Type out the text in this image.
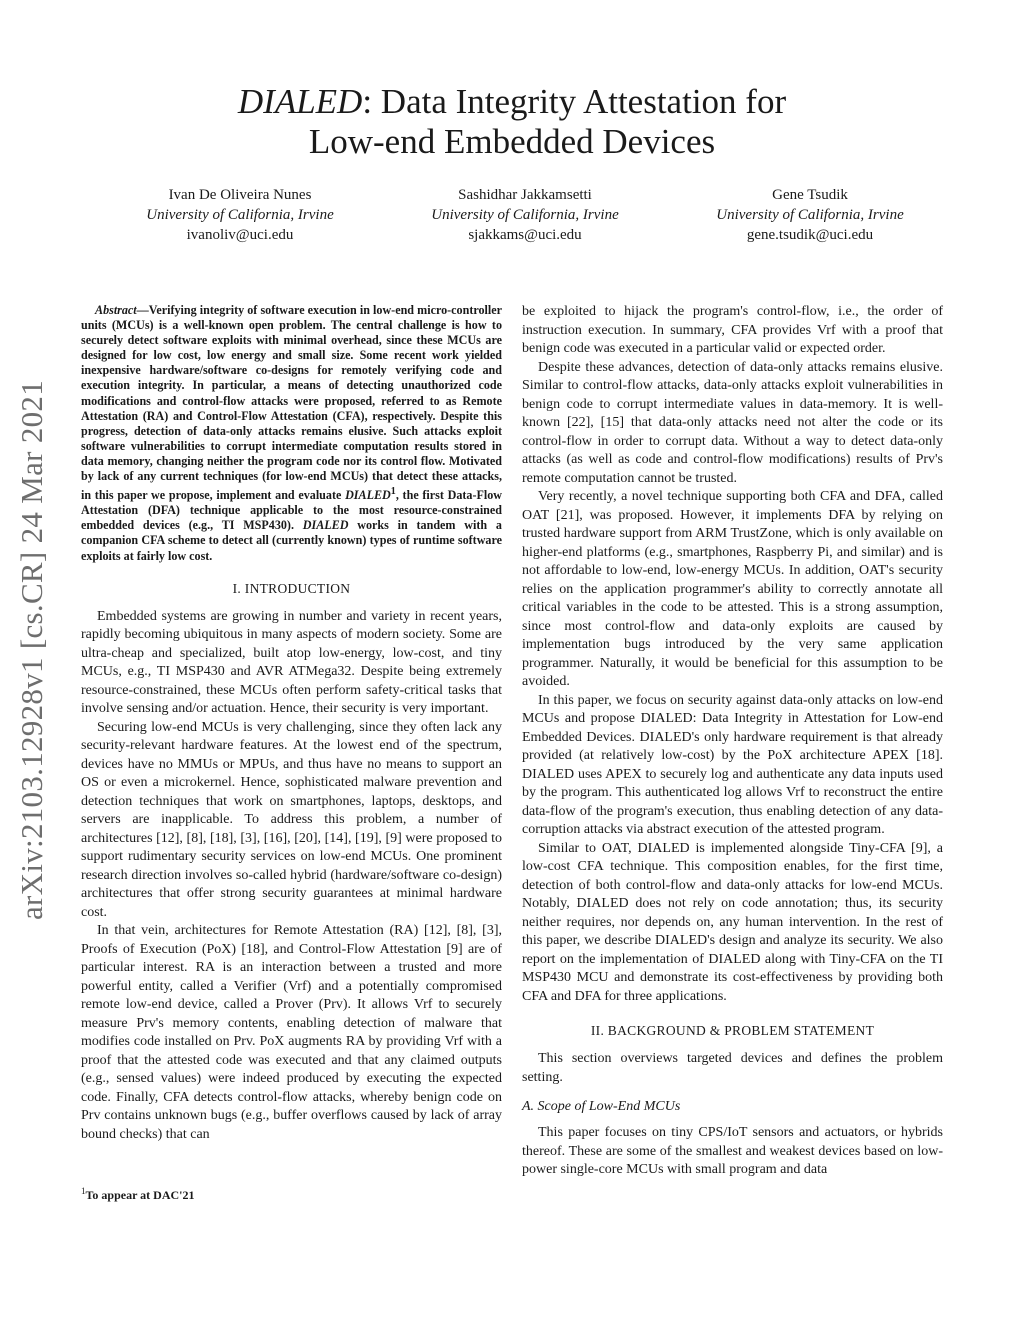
arXiv:2103.12928v1 [cs.CR] 24 Mar 2021
DIALED: Data Integrity Attestation for
Low-end Embedded Devices
Ivan De Oliveira Nunes
University of California, Irvine
ivanoliv@uci.edu
Sashidhar Jakkamsetti
University of California, Irvine
sjakkams@uci.edu
Gene Tsudik
University of California, Irvine
gene.tsudik@uci.edu

Abstract—Verifying integrity of software execution in low-end micro-controller units (MCUs) is a well-known open problem. The central challenge is how to securely detect software exploits with minimal overhead, since these MCUs are designed for low cost, low energy and small size. Some recent work yielded inexpensive hardware/software co-designs for remotely verifying code and execution integrity. In particular, a means of detecting unauthorized code modifications and control-flow attacks were proposed, referred to as Remote Attestation (RA) and Control-Flow Attestation (CFA), respectively. Despite this progress, detection of data-only attacks remains elusive. Such attacks exploit software vulnerabilities to corrupt intermediate computation results stored in data memory, changing neither the program code nor its control flow. Motivated by lack of any current techniques (for low-end MCUs) that detect these attacks, in this paper we propose, implement and evaluate DIALED$^1$, the first Data-Flow Attestation (DFA) technique applicable to the most resource-constrained embedded devices (e.g., TI MSP430). DIALED works in tandem with a companion CFA scheme to detect all (currently known) types of runtime software exploits at fairly low cost.

I. INTRODUCTION

Embedded systems are growing in number and variety in recent years, rapidly becoming ubiquitous in many aspects of modern society. Some are ultra-cheap and specialized, built atop low-energy, low-cost, and tiny MCUs, e.g., TI MSP430 and AVR ATMega32. Despite being extremely resource-constrained, these MCUs often perform safety-critical tasks that involve sensing and/or actuation. Hence, their security is very important.

Securing low-end MCUs is very challenging, since they often lack any security-relevant hardware features. At the lowest end of the spectrum, devices have no MMUs or MPUs, and thus have no means to support an OS or even a microkernel. Hence, sophisticated malware prevention and detection techniques that work on smartphones, laptops, desktops, and servers are inapplicable. To address this problem, a number of architectures [12], [8], [18], [3], [16], [20], [14], [19], [9] were proposed to support rudimentary security services on low-end MCUs. One prominent research direction involves so-called hybrid (hardware/software co-design) architectures that offer strong security guarantees at minimal hardware cost.

In that vein, architectures for Remote Attestation (RA) [12], [8], [3], Proofs of Execution (PoX) [18], and Control-Flow Attestation [9] are of particular interest. RA is an interaction between a trusted and more powerful entity, called a Verifier (Vrf) and a potentially compromised remote low-end device, called a Prover (Prv). It allows Vrf to securely measure Prv's memory contents, enabling detection of malware that modifies code installed on Prv. PoX augments RA by providing Vrf with a proof that the attested code was executed and that any claimed outputs (e.g., sensed values) were indeed produced by executing the expected code. Finally, CFA detects control-flow attacks, whereby benign code on Prv contains unknown bugs (e.g., buffer overflows caused by lack of array bound checks) that can

be exploited to hijack the program's control-flow, i.e., the order of instruction execution. In summary, CFA provides Vrf with a proof that benign code was executed in a particular valid or expected order.

Despite these advances, detection of data-only attacks remains elusive. Similar to control-flow attacks, data-only attacks exploit vulnerabilities in benign code to corrupt intermediate values in data-memory. It is well-known [22], [15] that data-only attacks need not alter the code or its control-flow in order to corrupt data. Without a way to detect data-only attacks (as well as code and control-flow modifications) results of Prv's remote computation cannot be trusted.

Very recently, a novel technique supporting both CFA and DFA, called OAT [21], was proposed. However, it implements DFA by relying on trusted hardware support from ARM TrustZone, which is only available on higher-end platforms (e.g., smartphones, Raspberry Pi, and similar) and is not affordable to low-end, low-energy MCUs. In addition, OAT's security relies on the application programmer's ability to correctly annotate all critical variables in the code to be attested. This is a strong assumption, since most control-flow and data-only exploits are caused by implementation bugs introduced by the very same application programmer. Naturally, it would be beneficial for this assumption to be avoided.

In this paper, we focus on security against data-only attacks on low-end MCUs and propose DIALED: Data Integrity in Attestation for Low-end Embedded Devices. DIALED's only hardware requirement is that already provided (at relatively low-cost) by the PoX architecture APEX [18]. DIALED uses APEX to securely log and authenticate any data inputs used by the program. This authenticated log allows Vrf to reconstruct the entire data-flow of the program's execution, thus enabling detection of any data-corruption attacks via abstract execution of the attested program.

Similar to OAT, DIALED is implemented alongside Tiny-CFA [9], a low-cost CFA technique. This composition enables, for the first time, detection of both control-flow and data-only attacks for low-end MCUs. Notably, DIALED does not rely on code annotation; thus, its security neither requires, nor depends on, any human intervention. In the rest of this paper, we describe DIALED's design and analyze its security. We also report on the implementation of DIALED along with Tiny-CFA on the TI MSP430 MCU and demonstrate its cost-effectiveness by providing both CFA and DFA for three applications.

II. BACKGROUND & PROBLEM STATEMENT

This section overviews targeted devices and defines the problem setting.

A. Scope of Low-End MCUs

This paper focuses on tiny CPS/IoT sensors and actuators, or hybrids thereof. These are some of the smallest and weakest devices based on low-power single-core MCUs with small program and data

$^1$To appear at DAC'21
